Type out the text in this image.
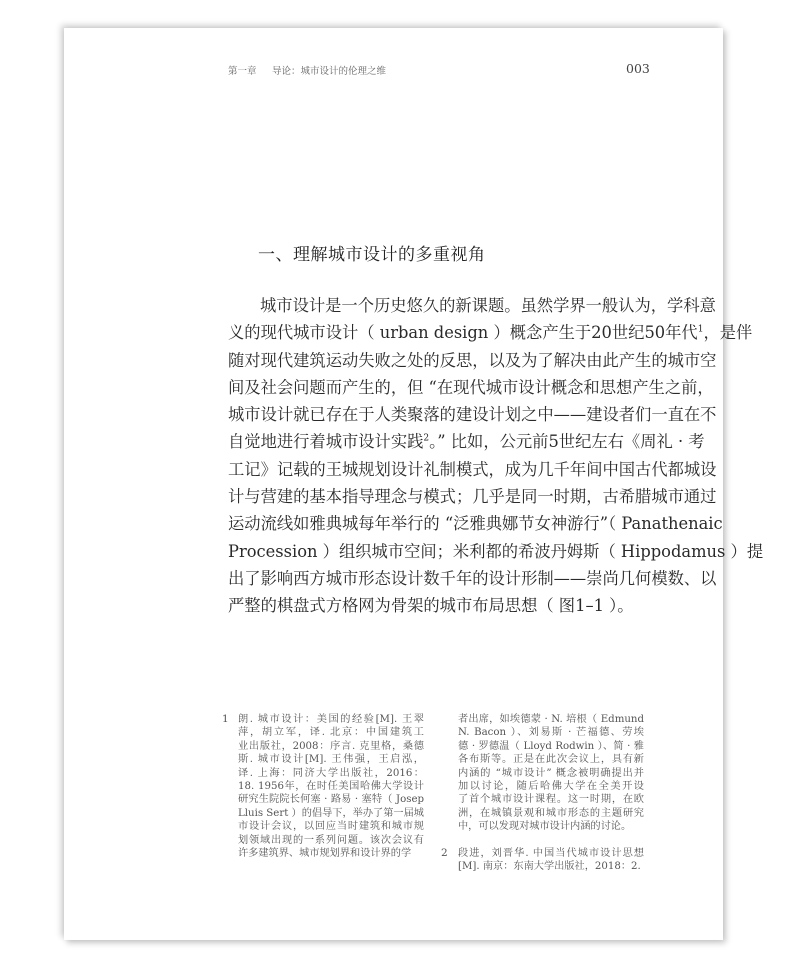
第一章 导论：城市设计的伦理之维	003
一、理解城市设计的多重视角
城市设计是一个历史悠久的新课题。虽然学界一般认为，学科意
义的现代城市设计（ urban design ）概念产生于20世纪50年代$^1$，是伴
随对现代建筑运动失败之处的反思，以及为了解决由此产生的城市空
间及社会问题而产生的，但 “在现代城市设计概念和思想产生之前，
城市设计就已存在于人类聚落的建设计划之中——建设者们一直在不
自觉地进行着城市设计实践$^2$。” 比如，公元前5世纪左右《周礼 · 考
工记》记载的王城规划设计礼制模式，成为几千年间中国古代都城设
计与营建的基本指导理念与模式；几乎是同一时期，古希腊城市通过
运动流线如雅典城每年举行的 “泛雅典娜节女神游行”（ Panathenaic
Procession ）组织城市空间；米利都的希波丹姆斯（ Hippodamus ）提
出了影响西方城市形态设计数千年的设计形制——崇尚几何模数、以
严整的棋盘式方格网为骨架的城市布局思想（ 图1–1 ）。
1 朗. 城市设计：美国的经验[M]. 王翠
萍，胡立军，译. 北京：中国建筑工
业出版社，2008：序言. 克里格，桑德
斯. 城市设计[M]. 王伟强，王启泓，
译. 上海：同济大学出版社，2016：
18. 1956年，在时任美国哈佛大学设计
研究生院院长何塞 · 路易 · 塞特（ Josep
Lluis Sert ）的倡导下，举办了第一届城
市设计会议，以回应当时建筑和城市规
划领域出现的一系列问题。该次会议有
许多建筑界、城市规划界和设计界的学
者出席，如埃德蒙 · N. 培根（ Edmund
N. Bacon ）、刘易斯 · 芒福德、劳埃
德 · 罗德温（ Lloyd Rodwin ）、简 · 雅
各布斯等。正是在此次会议上，具有新
内涵的 “城市设计” 概念被明确提出并
加以讨论，随后哈佛大学在全美开设
了首个城市设计课程。这一时期，在欧
洲，在城镇景观和城市形态的主题研究
中，可以发现对城市设计内涵的讨论。
2 段进，刘晋华. 中国当代城市设计思想
[M]. 南京：东南大学出版社，2018：2.
